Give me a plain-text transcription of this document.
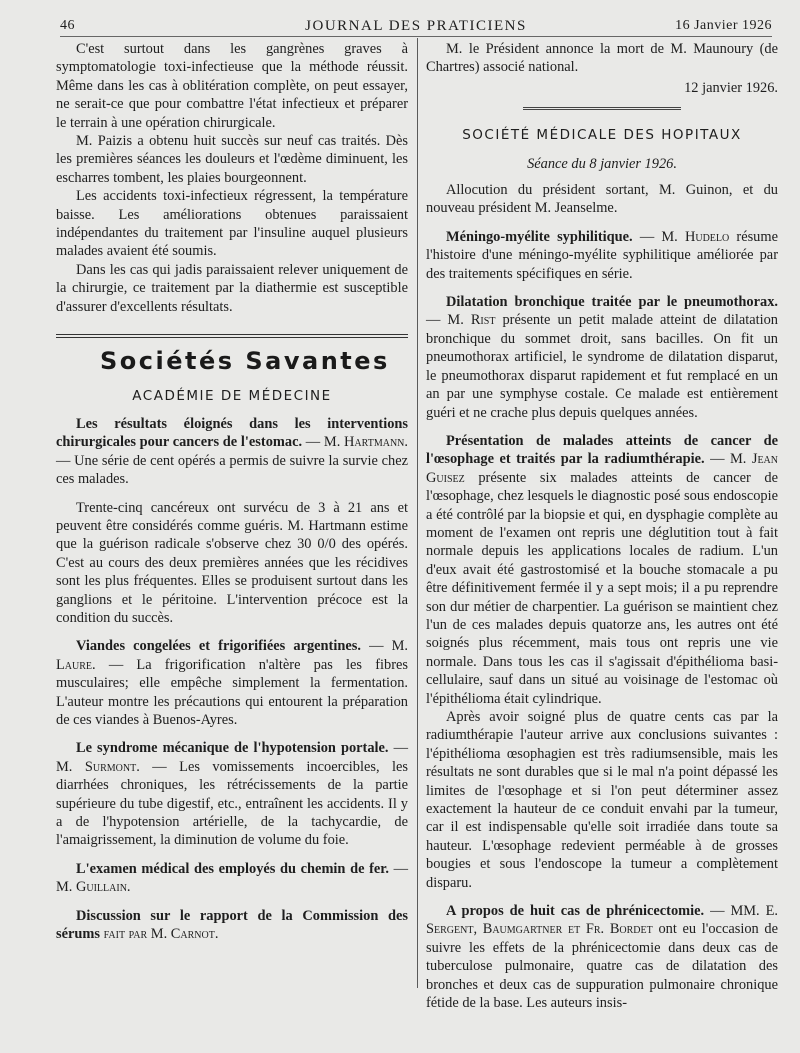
46	JOURNAL DES PRATICIENS	16 Janvier 1926

C'est surtout dans les gangrènes graves à symptomatologie toxi-infectieuse que la méthode réussit. Même dans les cas à oblitération complète, on peut essayer, ne serait-ce que pour combattre l'état infectieux et préparer le terrain à une opération chirurgicale.

M. Paizis a obtenu huit succès sur neuf cas traités. Dès les premières séances les douleurs et l'œdème diminuent, les escharres tombent, les plaies bourgeonnent.

Les accidents toxi-infectieux régressent, la température baisse. Les améliorations obtenues paraissaient indépendantes du traitement par l'insuline auquel plusieurs malades avaient été soumis.

Dans les cas qui jadis paraissaient relever uniquement de la chirurgie, ce traitement par la diathermie est susceptible d'assurer d'excellents résultats.

Sociétés Savantes
ACADÉMIE DE MÉDECINE

Les résultats éloignés dans les interventions chirurgicales pour cancers de l'estomac. — M. Hartmann. — Une série de cent opérés a permis de suivre la survie chez ces malades.

Trente-cinq cancéreux ont survécu de 3 à 21 ans et peuvent être considérés comme guéris. M. Hartmann estime que la guérison radicale s'observe chez 30 0/0 des opérés. C'est au cours des deux premières années que les récidives sont les plus fréquentes. Elles se produisent surtout dans les ganglions et le péritoine. L'intervention précoce est la condition du succès.

Viandes congelées et frigorifiées argentines. — M. Laure. — La frigorification n'altère pas les fibres musculaires; elle empêche simplement la fermentation. L'auteur montre les précautions qui entourent la préparation de ces viandes à Buenos-Ayres.

Le syndrome mécanique de l'hypotension portale. — M. Surmont. — Les vomissements incoercibles, les diarrhées chroniques, les rétrécissements de la partie supérieure du tube digestif, etc., entraînent les accidents. Il y a de l'hypotension artérielle, de la tachycardie, de l'amaigrissement, la diminution de volume du foie.

L'examen médical des employés du chemin de fer. — M. Guillain.

Discussion sur le rapport de la Commission des sérums fait par M. Carnot.

M. le Président annonce la mort de M. Maunoury (de Chartres) associé national.

12 janvier 1926.
SOCIÉTÉ MÉDICALE DES HOPITAUX
Séance du 8 janvier 1926.

Allocution du président sortant, M. Guinon, et du nouveau président M. Jeanselme.

Méningo-myélite syphilitique. — M. Hudelo résume l'histoire d'une méningo-myélite syphilitique améliorée par des traitements spécifiques en série.

Dilatation bronchique traitée par le pneumothorax. — M. Rist présente un petit malade atteint de dilatation bronchique du sommet droit, sans bacilles. On fit un pneumothorax artificiel, le syndrome de dilatation disparut, le pneumothorax disparut rapidement et fut remplacé en un an par une symphyse costale. Ce malade est entièrement guéri et ne crache plus depuis quelques années.

Présentation de malades atteints de cancer de l'œsophage et traités par la radiumthérapie. — M. Jean Guisez présente six malades atteints de cancer de l'œsophage, chez lesquels le diagnostic posé sous endoscopie a été contrôlé par la biopsie et qui, en dysphagie complète au moment de l'examen ont repris une déglutition tout à fait normale depuis les applications locales de radium. L'un d'eux avait été gastrostomisé et la bouche stomacale a pu être définitivement fermée il y a sept mois; il a pu reprendre son dur métier de charpentier. La guérison se maintient chez l'un de ces malades depuis quatorze ans, les autres ont été soignés plus récemment, mais tous ont repris une vie normale. Dans tous les cas il s'agissait d'épithélioma basi-cellulaire, sauf dans un situé au voisinage de l'estomac où l'épithélioma était cylindrique.

Après avoir soigné plus de quatre cents cas par la radiumthérapie l'auteur arrive aux conclusions suivantes : l'épithélioma œsophagien est très radiumsensible, mais les résultats ne sont durables que si le mal n'a point dépassé les limites de l'œsophage et si l'on peut déterminer assez exactement la hauteur de ce conduit envahi par la tumeur, car il est indispensable qu'elle soit irradiée dans toute sa hauteur. L'œsophage redevient perméable à de grosses bougies et sous l'endoscope la tumeur a complètement disparu.

A propos de huit cas de phrénicectomie. — MM. E. Sergent, Baumgartner et Fr. Bordet ont eu l'occasion de suivre les effets de la phrénicectomie dans deux cas de tuberculose pulmonaire, quatre cas de dilatation des bronches et deux cas de suppuration pulmonaire chronique fétide de la base. Les auteurs insis-
